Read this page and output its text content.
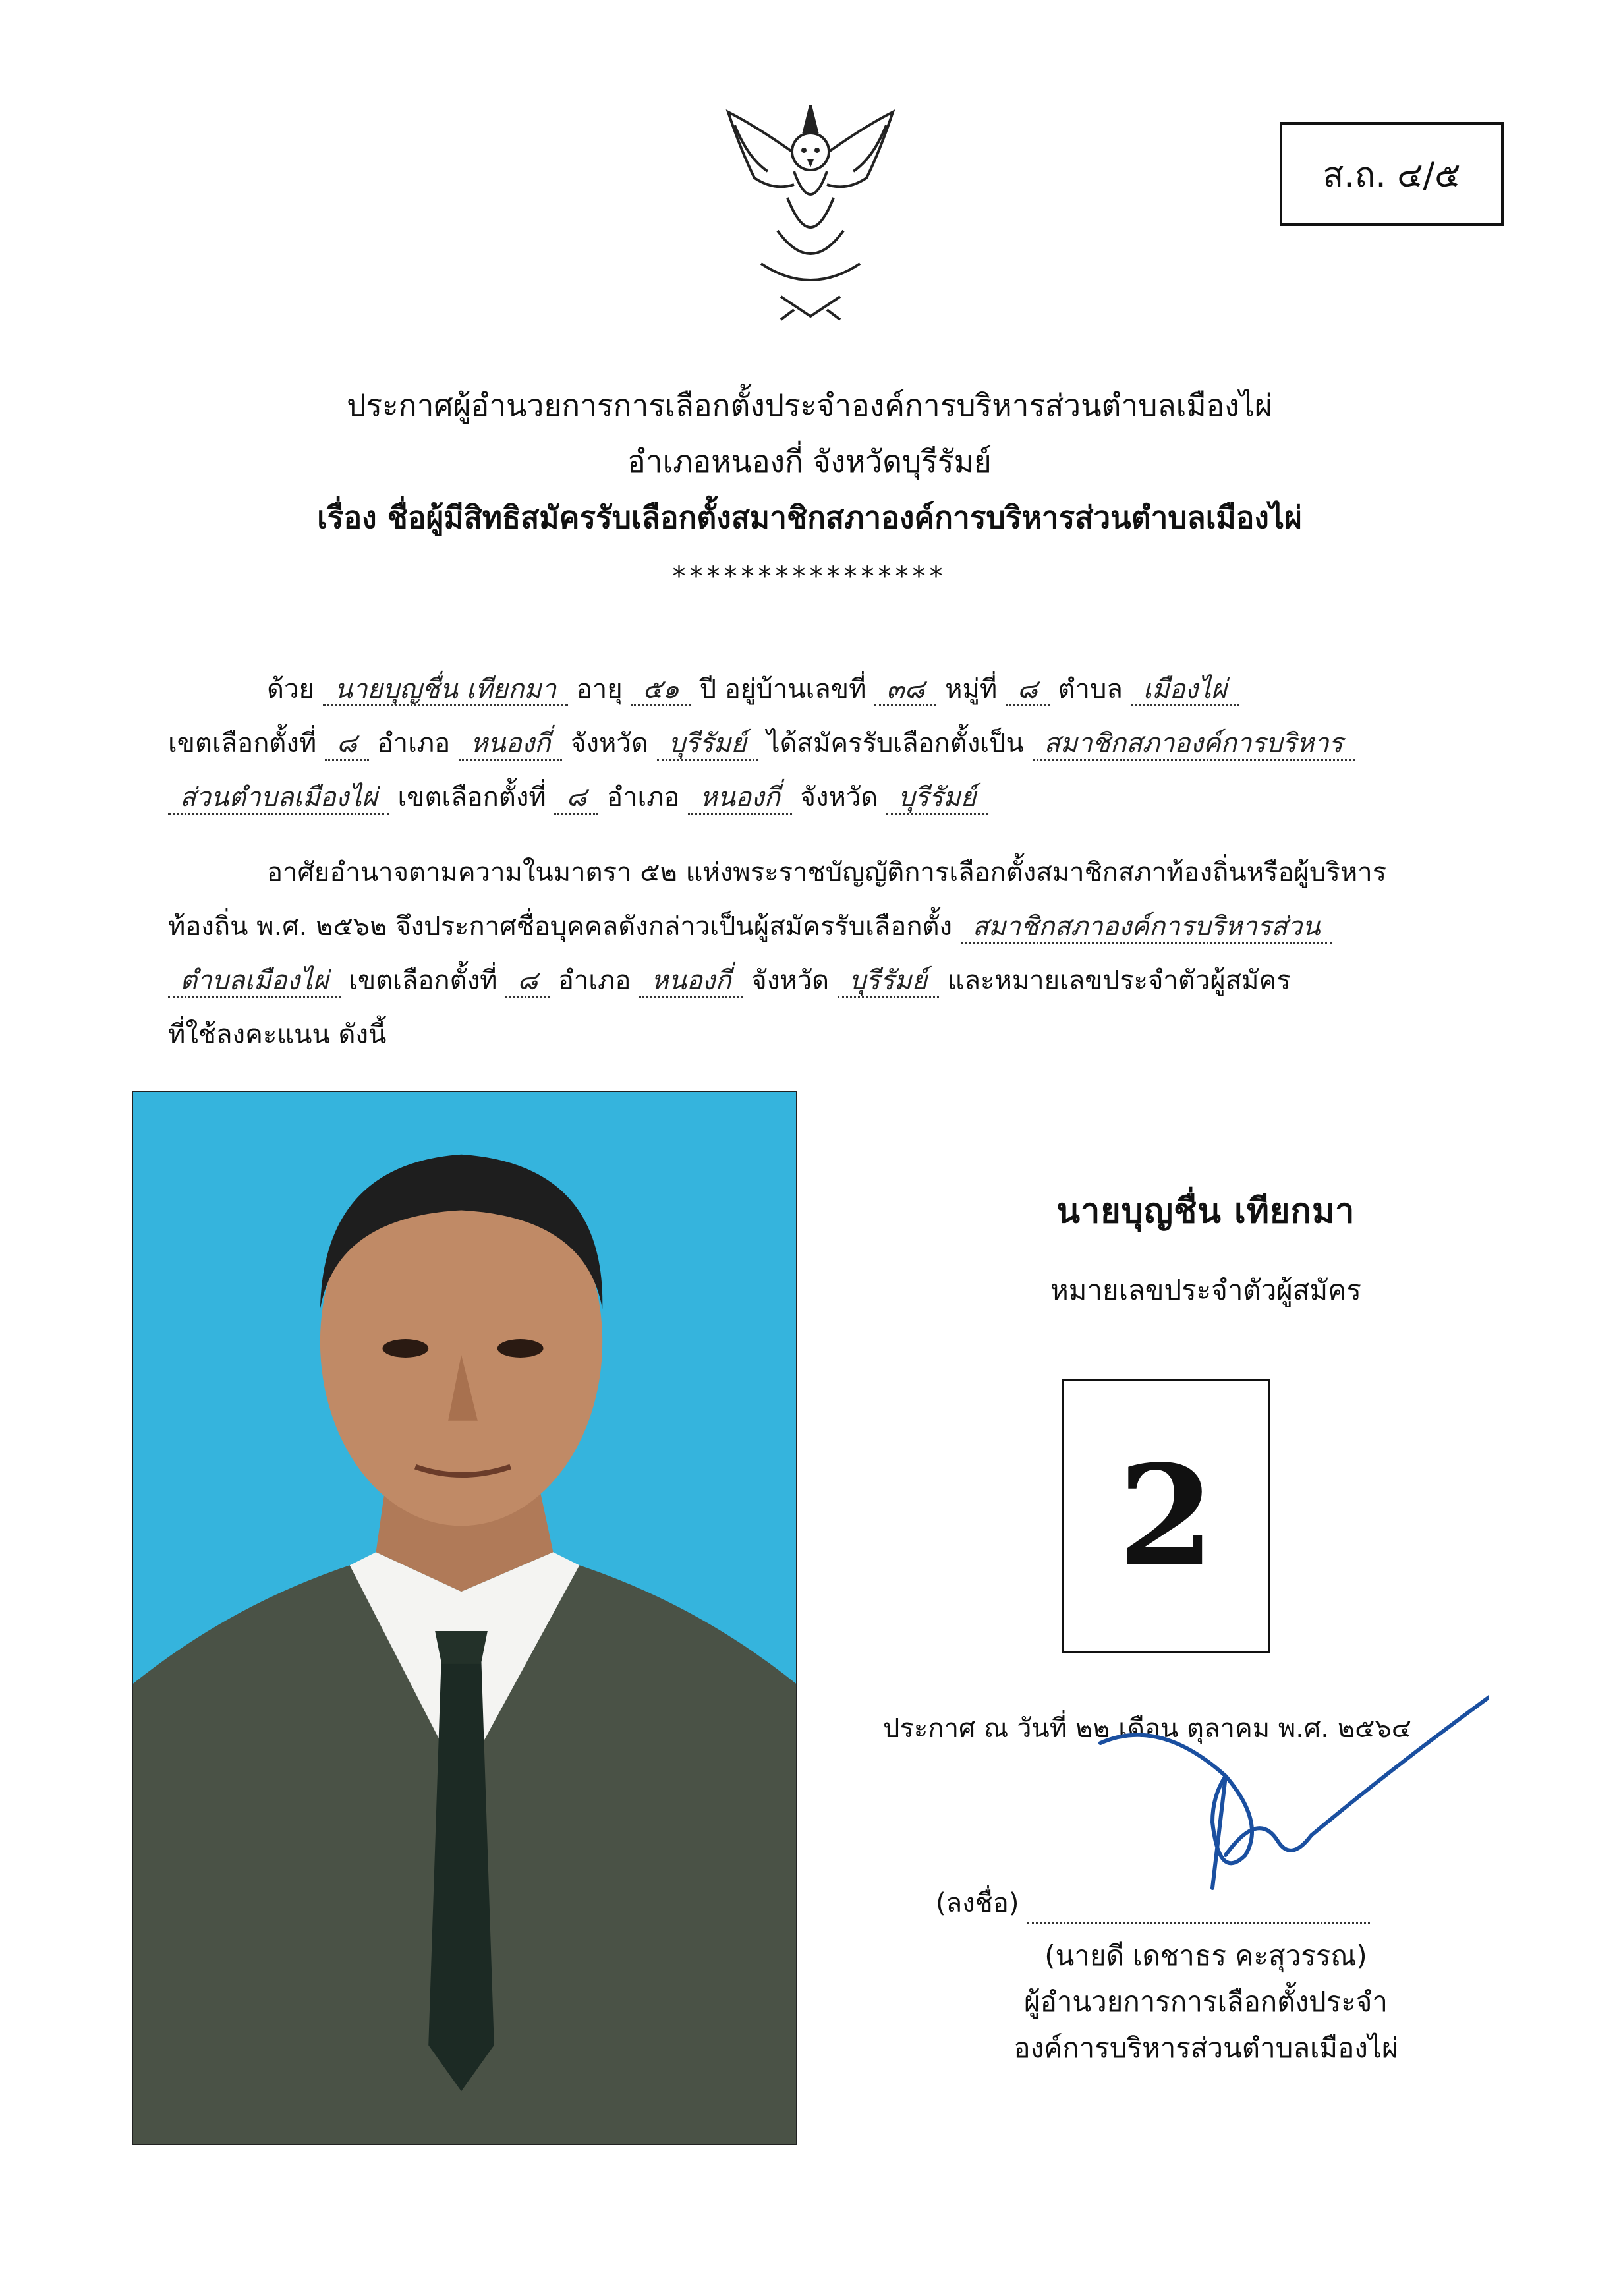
ส.ถ. ๔/๕
ประกาศผู้อำนวยการการเลือกตั้งประจำองค์การบริหารส่วนตำบลเมืองไผ่
อำเภอหนองกี่ จังหวัดบุรีรัมย์
เรื่อง ชื่อผู้มีสิทธิสมัครรับเลือกตั้งสมาชิกสภาองค์การบริหารส่วนตำบลเมืองไผ่
****************
ด้วย นายบุญชื่น เทียกมา อายุ ๕๑ ปี อยู่บ้านเลขที่ ๓๘ หมู่ที่ ๘ ตำบล เมืองไผ่
เขตเลือกตั้งที่ ๘ อำเภอ หนองกี่ จังหวัด บุรีรัมย์ ได้สมัครรับเลือกตั้งเป็น สมาชิกสภาองค์การบริหาร
ส่วนตำบลเมืองไผ่ เขตเลือกตั้งที่ ๘ อำเภอ หนองกี่ จังหวัด บุรีรัมย์
อาศัยอำนาจตามความในมาตรา ๕๒ แห่งพระราชบัญญัติการเลือกตั้งสมาชิกสภาท้องถิ่นหรือผู้บริหาร
ท้องถิ่น พ.ศ. ๒๕๖๒ จึงประกาศชื่อบุคคลดังกล่าวเป็นผู้สมัครรับเลือกตั้ง สมาชิกสภาองค์การบริหารส่วน
ตำบลเมืองไผ่ เขตเลือกตั้งที่ ๘ อำเภอ หนองกี่ จังหวัด บุรีรัมย์ และหมายเลขประจำตัวผู้สมัคร
ที่ใช้ลงคะแนน ดังนี้
นายบุญชื่น เทียกมา
หมายเลขประจำตัวผู้สมัคร
2
ประกาศ ณ วันที่ ๒๒ เดือน ตุลาคม พ.ศ. ๒๕๖๔
(ลงชื่อ)
(นายดี เดชาธร คะสุวรรณ)
ผู้อำนวยการการเลือกตั้งประจำ
องค์การบริหารส่วนตำบลเมืองไผ่
